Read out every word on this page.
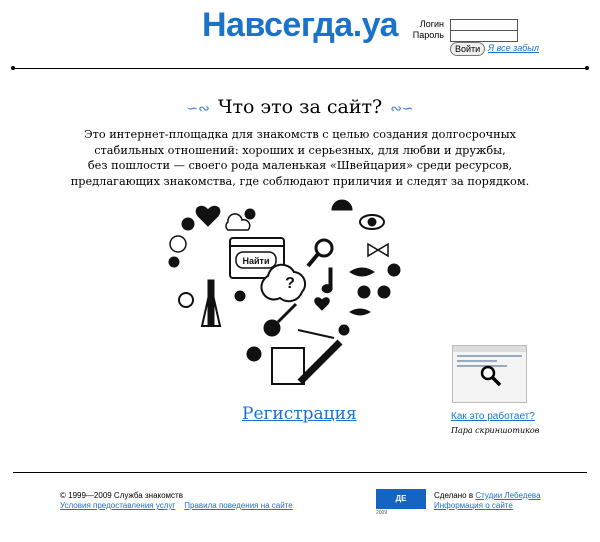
Навсегда.уа	Логин
Пароль
Войти Я все забыл
∽∾ Что это за сайт? ∾∽
Это интернет-площадка для знакомств с целью создания долгосрочных
стабильных отношений: хороших и серьезных, для любви и дружбы,
без пошлости — своего рода маленькая «Швейцария» среди ресурсов,
предлагающих знакомства, где соблюдают приличия и следят за порядком.
Найти
?
Регистрация	Как это работает?
Пара скриншотиков
© 1999—2009 Служба знакомств
Условия предоставления услуг Правила поведения на сайте
ДЕ ЛЕБЕДЕВ
2009
Сделано в Студии Лебедева
Информация о сайте
